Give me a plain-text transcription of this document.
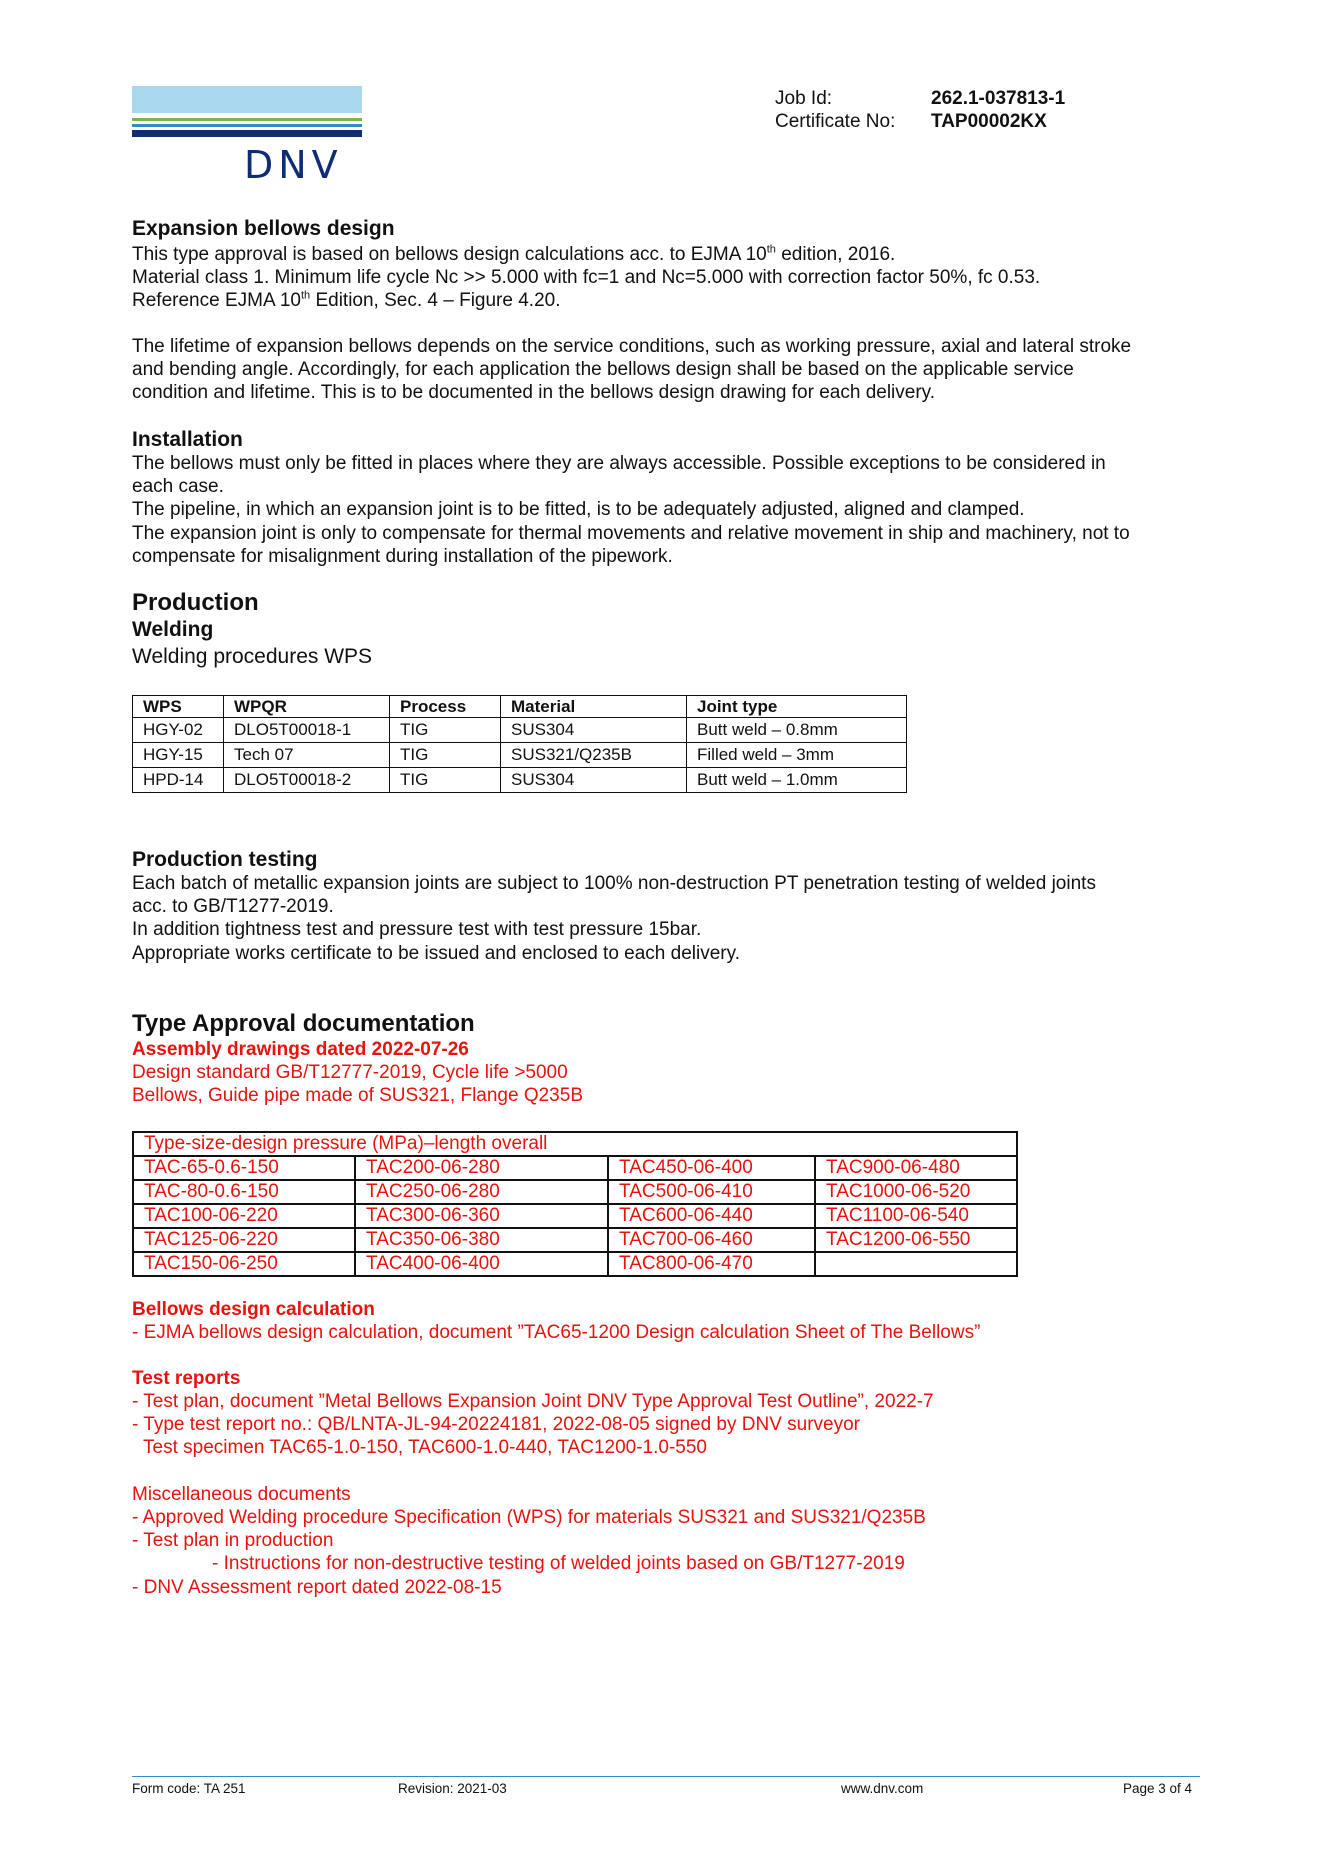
DNV
Job Id:	262.1-037813-1
Certificate No: TAP00002KX
Expansion bellows design
This type approval is based on bellows design calculations acc. to EJMA 10th edition, 2016.
Material class 1. Minimum life cycle Nc >> 5.000 with fc=1 and Nc=5.000 with correction factor 50%, fc 0.53.
Reference EJMA 10th Edition, Sec. 4 – Figure 4.20.
The lifetime of expansion bellows depends on the service conditions, such as working pressure, axial and lateral stroke
and bending angle. Accordingly, for each application the bellows design shall be based on the applicable service
condition and lifetime. This is to be documented in the bellows design drawing for each delivery.
Installation
The bellows must only be fitted in places where they are always accessible. Possible exceptions to be considered in
each case.
The pipeline, in which an expansion joint is to be fitted, is to be adequately adjusted, aligned and clamped.
The expansion joint is only to compensate for thermal movements and relative movement in ship and machinery, not to
compensate for misalignment during installation of the pipework.
Production
Welding
Welding procedures WPS
WPS	WPQR	Process	Material	Joint type
HGY-02	DLO5T00018-1	TIG	SUS304	Butt weld – 0.8mm
HGY-15	Tech 07	TIG	SUS321/Q235B	Filled weld – 3mm
HPD-14	DLO5T00018-2	TIG	SUS304	Butt weld – 1.0mm
Production testing
Each batch of metallic expansion joints are subject to 100% non-destruction PT penetration testing of welded joints
acc. to GB/T1277-2019.
In addition tightness test and pressure test with test pressure 15bar.
Appropriate works certificate to be issued and enclosed to each delivery.
Type Approval documentation
Assembly drawings dated 2022-07-26
Design standard GB/T12777-2019, Cycle life >5000
Bellows, Guide pipe made of SUS321, Flange Q235B
Type-size-design pressure (MPa)–length overall			
TAC-65-0.6-150	TAC200-06-280	TAC450-06-400	TAC900-06-480
TAC-80-0.6-150	TAC250-06-280	TAC500-06-410	TAC1000-06-520
TAC100-06-220	TAC300-06-360	TAC600-06-440	TAC1100-06-540
TAC125-06-220	TAC350-06-380	TAC700-06-460	TAC1200-06-550
TAC150-06-250	TAC400-06-400	TAC800-06-470	
Bellows design calculation
- EJMA bellows design calculation, document ”TAC65-1200 Design calculation Sheet of The Bellows”
Test reports
- Test plan, document ”Metal Bellows Expansion Joint DNV Type Approval Test Outline”, 2022-7
- Type test report no.: QB/LNTA-JL-94-20224181, 2022-08-05 signed by DNV surveyor
Test specimen TAC65-1.0-150, TAC600-1.0-440, TAC1200-1.0-550
Miscellaneous documents
- Approved Welding procedure Specification (WPS) for materials SUS321 and SUS321/Q235B
- Test plan in production
- Instructions for non-destructive testing of welded joints based on GB/T1277-2019
- DNV Assessment report dated 2022-08-15
Form code: TA 251	Revision: 2021-03	www.dnv.com	Page 3 of 4
